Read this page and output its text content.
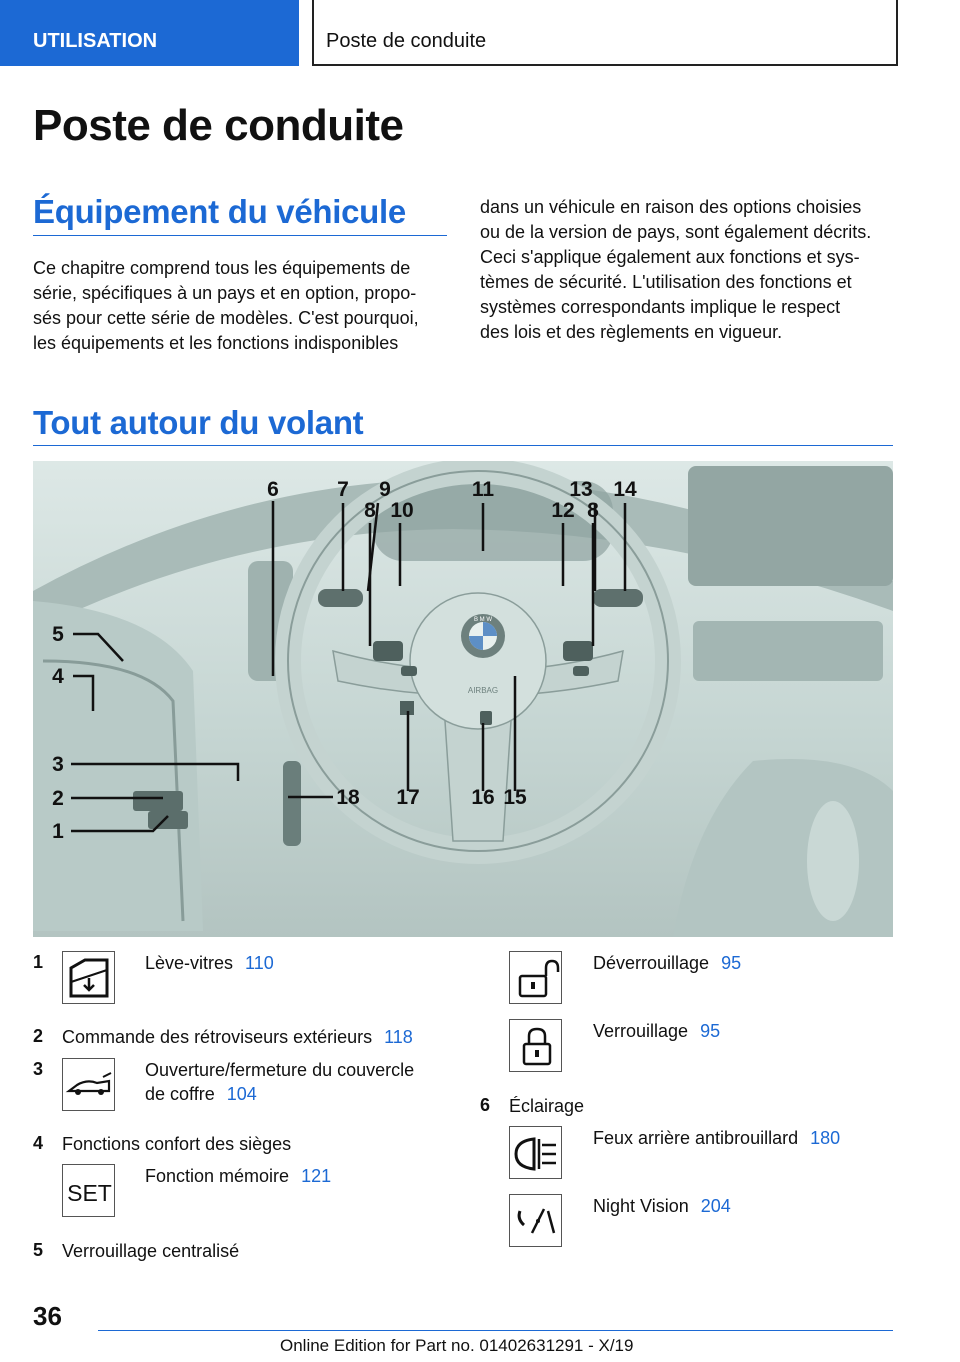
UTILISATION	Poste de conduite
Poste de conduite
Équipement du véhicule

Ce chapitre comprend tous les équipements de
série, spécifiques à un pays et en option, propo-
sés pour cette série de modèles. C'est pourquoi,
les équipements et les fonctions indisponibles

dans un véhicule en raison des options choisies
ou de la version de pays, sont également décrits.
Ceci s'applique également aux fonctions et sys-
tèmes de sécurité. L'utilisation des fonctions et
systèmes correspondants implique le respect
des lois et des règlements en vigueur.

Tout autour du volant
B M W
AIRBAG
6	7 9	11	13 14
8 10	12 8
5
4
3
2
1
18 17 16 15
1	Lève-vitres 110
2 Commande des rétroviseurs extérieurs 118
3	Ouverture/fermeture du couvercle
de coffre 104
4 Fonctions confort des sièges
SET
Fonction mémoire 121
5 Verrouillage centralisé
Déverrouillage 95
Verrouillage 95
6 Éclairage
Feux arrière antibrouillard 180
Night Vision 204
36
Online Edition for Part no. 01402631291 - X/19
